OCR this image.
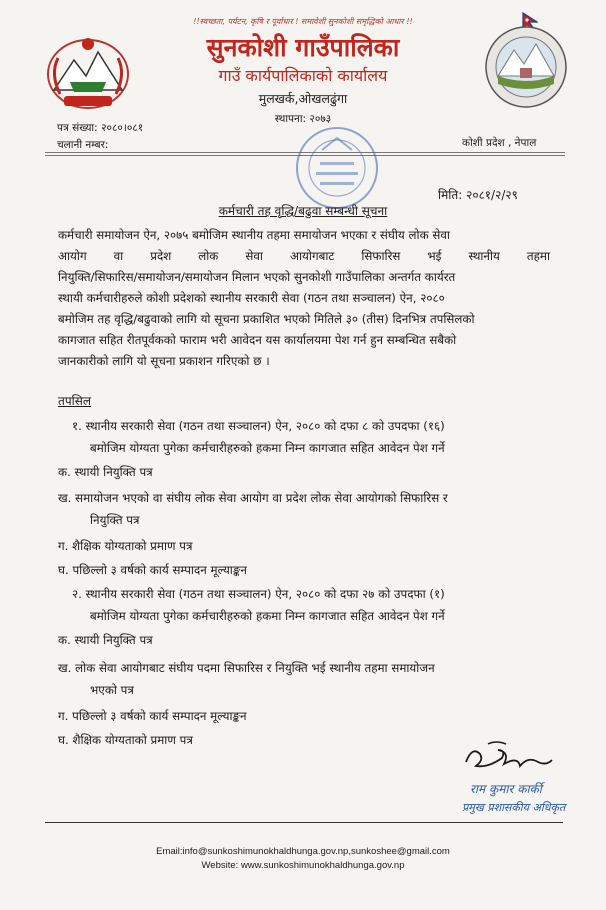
!!स्वच्छता, पर्यटन, कृषि र पूर्वाधार ! समावेशी सुनकोशी समृद्धिको आधार !!
सुनकोशी गाउँपालिका
गाउँ कार्यपालिकाको कार्यालय
मुलखर्क,ओखलढुंगा
स्थापना: २०७३
पत्र संख्या: २०८०।०८१
चलानी नम्बर:	कोशी प्रदेश , नेपाल
मिति: २०८१/२/२९
कर्मचारी तह वृद्धि/बढुवा सम्बन्धी सूचना
कर्मचारी समायोजन ऐन, २०७५ बमोजिम स्थानीय तहमा समायोजन भएका र संघीय लोक सेवा
आयोग वा प्रदेश लोक सेवा आयोगबाट सिफारिस भई स्थानीय तहमा
नियुक्ति/सिफारिस/समायोजन/समायोजन मिलान भएको सुनकोशी गाउँपालिका अन्तर्गत कार्यरत
स्थायी कर्मचारीहरुले कोशी प्रदेशको स्थानीय सरकारी सेवा (गठन तथा सञ्चालन) ऐन, २०८०
बमोजिम तह वृद्धि/बढुवाको लागि यो सूचना प्रकाशित भएको मितिले ३० (तीस) दिनभित्र तपसिलको
कागजात सहित रीतपूर्वकको फाराम भरी आवेदन यस कार्यालयमा पेश गर्न हुन सम्बन्धित सबैको
जानकारीको लागि यो सूचना प्रकाशन गरिएको छ ।
तपसिल
१. स्थानीय सरकारी सेवा (गठन तथा सञ्चालन) ऐन, २०८० को दफा ८ को उपदफा (१६)
बमोजिम योग्यता पुगेका कर्मचारीहरुको हकमा निम्न कागजात सहित आवेदन पेश गर्ने
क. स्थायी नियुक्ति पत्र
ख. समायोजन भएको वा संघीय लोक सेवा आयोग वा प्रदेश लोक सेवा आयोगको सिफारिस र
नियुक्ति पत्र
ग. शैक्षिक योग्यताको प्रमाण पत्र
घ. पछिल्लो ३ वर्षको कार्य सम्पादन मूल्याङ्कन
२. स्थानीय सरकारी सेवा (गठन तथा सञ्चालन) ऐन, २०८० को दफा २७ को उपदफा (१)
बमोजिम योग्यता पुगेका कर्मचारीहरुको हकमा निम्न कागजात सहित आवेदन पेश गर्ने
क. स्थायी नियुक्ति पत्र
ख. लोक सेवा आयोगबाट संघीय पदमा सिफारिस र नियुक्ति भई स्थानीय तहमा समायोजन
भएको पत्र
ग. पछिल्लो ३ वर्षको कार्य सम्पादन मूल्याङ्कन
घ. शैक्षिक योग्यताको प्रमाण पत्र
राम कुमार कार्की
प्रमुख प्रशासकीय अधिकृत
Email:info@sunkoshimunokhaldhunga.gov.np,sunkoshee@gmail.com
Website: www.sunkoshimunokhaldhunga.gov.np
